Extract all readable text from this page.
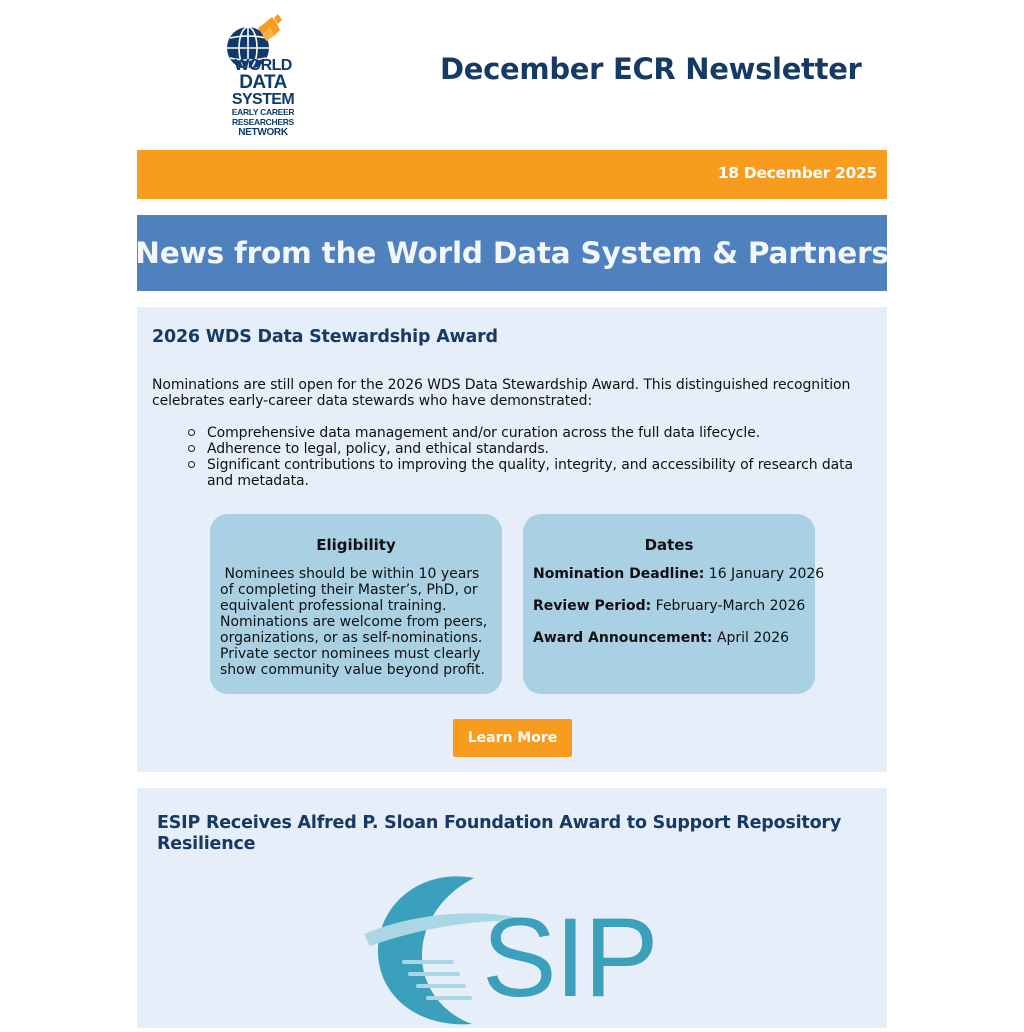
WORLD
DATA
SYSTEM
EARLY CAREER
RESEARCHERS
NETWORK
December ECR Newsletter
18 December 2025
News from the World Data System & Partners
2026 WDS Data Stewardship Award
Nominations are still open for the 2026 WDS Data Stewardship Award. This distinguished recognition celebrates early-career data stewards who have demonstrated:
Comprehensive data management and/or curation across the full data lifecycle.
Adherence to legal, policy, and ethical standards.
Significant contributions to improving the quality, integrity, and accessibility of research data and metadata.
Eligibility
Nominees should be within 10 years of completing their Master’s, PhD, or equivalent professional training. Nominations are welcome from peers, organizations, or as self-nominations. Private sector nominees must clearly show community value beyond profit.
Dates
Nomination Deadline: 16 January 2026
Review Period: February-March 2026
Award Announcement: April 2026
Learn More
ESIP Receives Alfred P. Sloan Foundation Award to Support Repository Resilience
SIP
